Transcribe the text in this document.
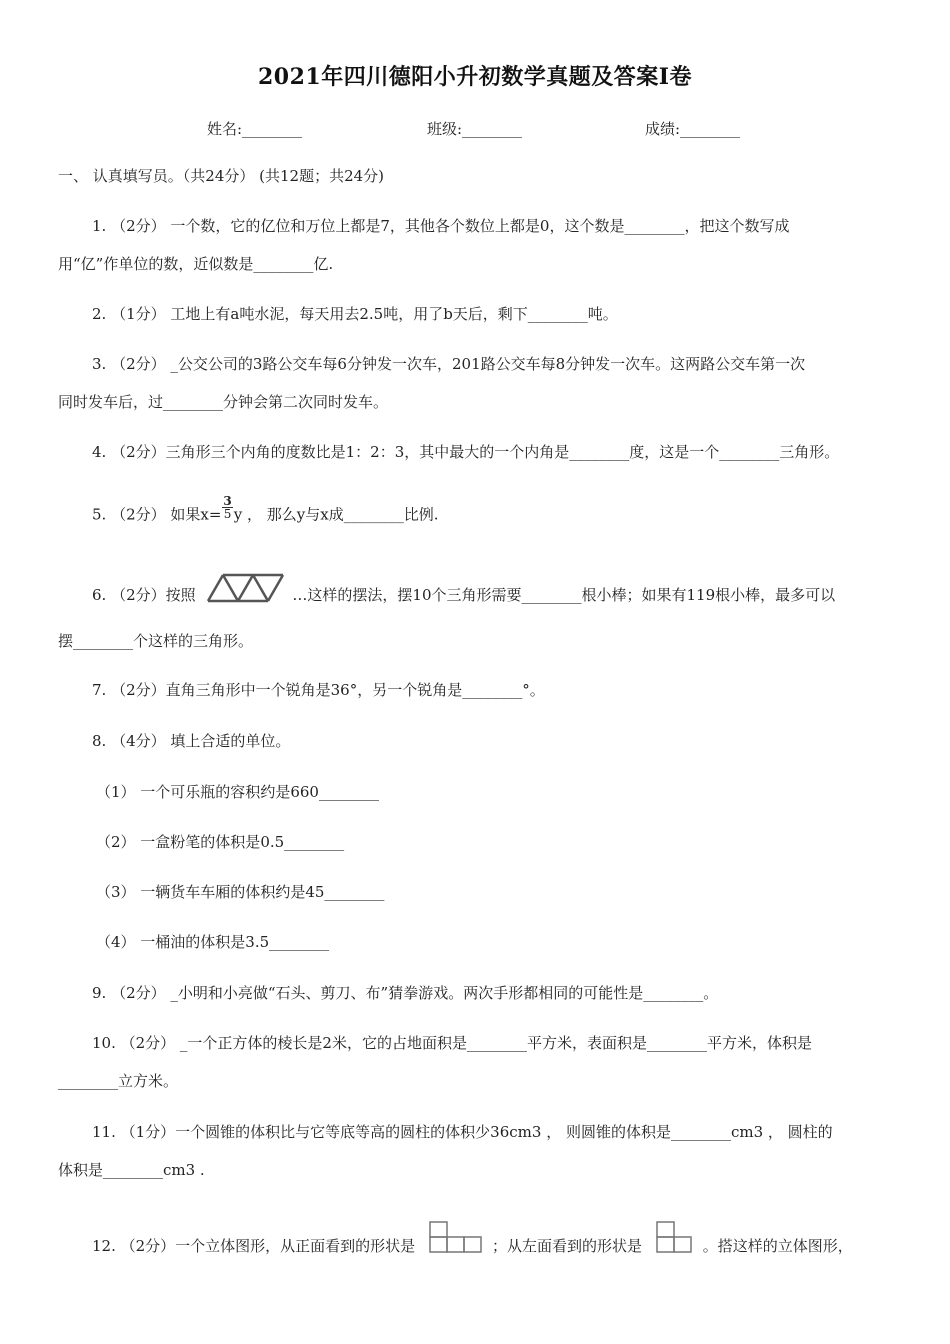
2021年四川德阳小升初数学真题及答案I卷
姓名:________	班级:________	成绩:________
一、 认真填写员。（共24分） (共12题；共24分)
1. （2分） 一个数，它的亿位和万位上都是7，其他各个数位上都是0，这个数是________，把这个数写成
用“亿”作单位的数，近似数是________亿.
2. （1分） 工地上有a吨水泥，每天用去2.5吨，用了b天后，剩下________吨。
3. （2分） _公交公司的3路公交车每6分钟发一次车，201路公交车每8分钟发一次车。这两路公交车第一次
同时发车后，过________分钟会第二次同时发车。
4. （2分）三角形三个内角的度数比是1：2：3，其中最大的一个内角是________度，这是一个________三角形。
5. （2分） 如果$x= \frac{3}{5}$ y ， 那么y与x成________比例.
6. （2分）按照	…这样的摆法，摆10个三角形需要________根小棒；如果有119根小棒，最多可以
摆________个这样的三角形。
7. （2分）直角三角形中一个锐角是36°，另一个锐角是________°。
8. （4分） 填上合适的单位。
（1） 一个可乐瓶的容积约是660________
（2） 一盒粉笔的体积是0.5________
（3） 一辆货车车厢的体积约是45________
（4） 一桶油的体积是3.5________
9. （2分） _小明和小亮做“石头、剪刀、布”猜拳游戏。两次手形都相同的可能性是________。
10. （2分） _一个正方体的棱长是2米，它的占地面积是________平方米，表面积是________平方米，体积是
________立方米。
11. （1分）一个圆锥的体积比与它等底等高的圆柱的体积少36cm3 ， 则圆锥的体积是________cm3 ， 圆柱的
体积是________cm3 .
12. （2分）一个立体图形，从正面看到的形状是	；从左面看到的形状是	。搭这样的立体图形，
